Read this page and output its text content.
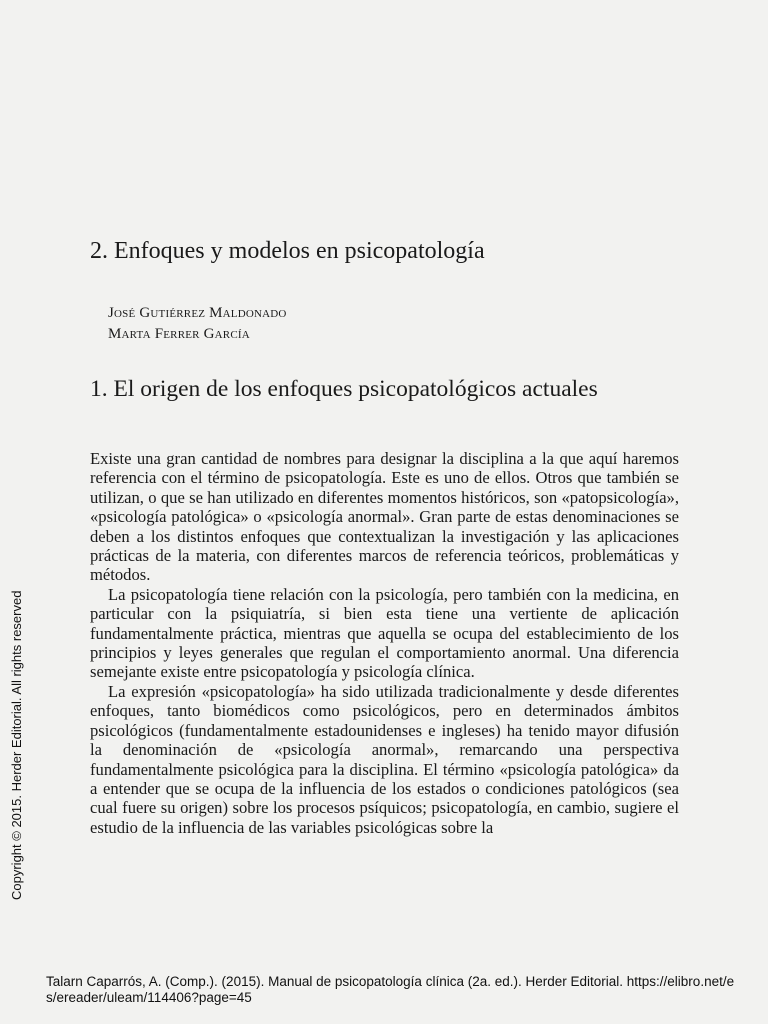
2. Enfoques y modelos en psicopatología
José Gutiérrez Maldonado
Marta Ferrer García
1. El origen de los enfoques psicopatológicos actuales

Existe una gran cantidad de nombres para designar la disciplina a la que aquí haremos referencia con el término de psicopatología. Este es uno de ellos. Otros que también se utilizan, o que se han utilizado en diferentes momentos históricos, son «patopsicología», «psicología patológica» o «psicología anormal». Gran parte de estas denominaciones se deben a los distintos enfoques que contextualizan la investigación y las aplicaciones prácticas de la materia, con diferentes marcos de referencia teóricos, problemáticas y métodos.

La psicopatología tiene relación con la psicología, pero también con la medicina, en particular con la psiquiatría, si bien esta tiene una vertiente de aplicación fundamentalmente práctica, mientras que aquella se ocupa del establecimiento de los principios y leyes generales que regulan el comportamiento anormal. Una diferencia semejante existe entre psicopatología y psicología clínica.

La expresión «psicopatología» ha sido utilizada tradicionalmente y desde diferentes enfoques, tanto biomédicos como psicológicos, pero en determinados ámbitos psicológicos (fundamentalmente estadounidenses e ingleses) ha tenido mayor difusión la denominación de «psicología anormal», remarcando una perspectiva fundamentalmente psicológica para la disciplina. El término «psicología patológica» da a entender que se ocupa de la influencia de los estados o condiciones patológicos (sea cual fuere su origen) sobre los procesos psíquicos; psicopatología, en cambio, sugiere el estudio de la influencia de las variables psicológicas sobre la

Copyright © 2015. Herder Editorial. All rights reserved
Talarn Caparrós, A. (Comp.). (2015). Manual de psicopatología clínica (2a. ed.). Herder Editorial. https://elibro.net/es/ereader/uleam/114406?page=45
